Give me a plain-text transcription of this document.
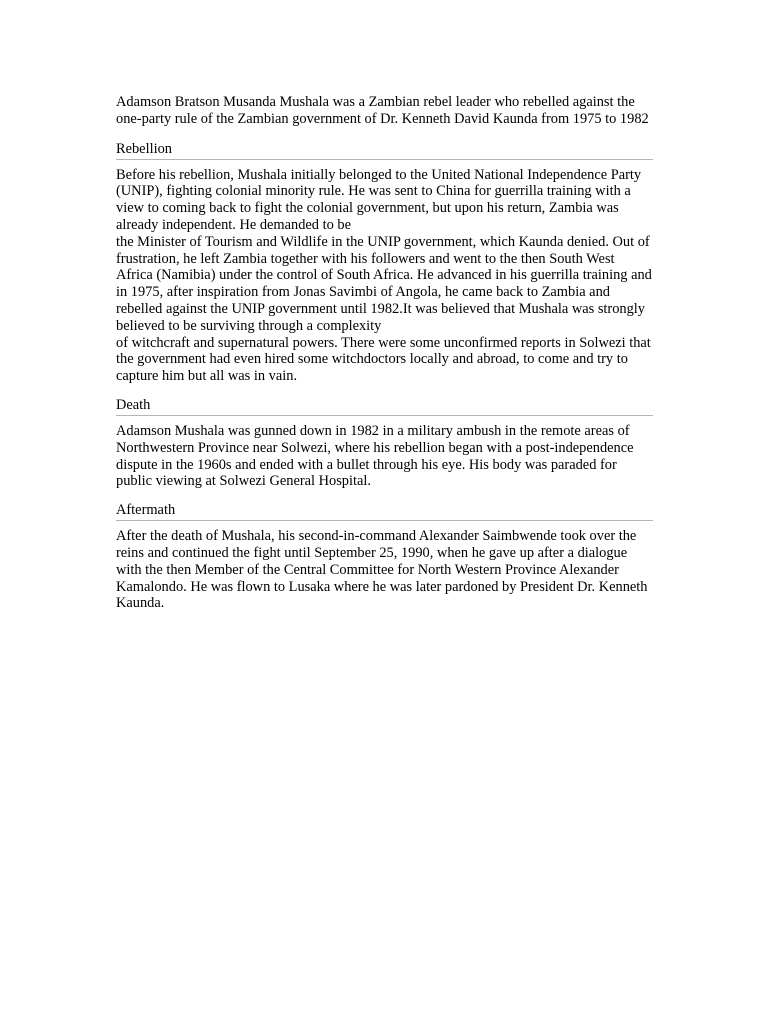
Adamson Bratson Musanda Mushala was a Zambian rebel leader who rebelled against the one-party rule of the Zambian government of Dr. Kenneth David Kaunda from 1975 to 1982

Rebellion
Before his rebellion, Mushala initially belonged to the United National Independence Party (UNIP), fighting colonial minority rule. He was sent to China for guerrilla training with a view to coming back to fight the colonial government, but upon his return, Zambia was already independent. He demanded to be
the Minister of Tourism and Wildlife in the UNIP government, which Kaunda denied. Out of frustration, he left Zambia together with his followers and went to the then South West Africa (Namibia) under the control of South Africa. He advanced in his guerrilla training and in 1975, after inspiration from Jonas Savimbi of Angola, he came back to Zambia and rebelled against the UNIP government until 1982.It was believed that Mushala was strongly believed to be surviving through a complexity
of witchcraft and supernatural powers. There were some unconfirmed reports in Solwezi that the government had even hired some witchdoctors locally and abroad, to come and try to capture him but all was in vain.
Death
Adamson Mushala was gunned down in 1982 in a military ambush in the remote areas of Northwestern Province near Solwezi, where his rebellion began with a post-independence dispute in the 1960s and ended with a bullet through his eye. His body was paraded for public viewing at Solwezi General Hospital.
Aftermath
After the death of Mushala, his second-in-command Alexander Saimbwende took over the reins and continued the fight until September 25, 1990, when he gave up after a dialogue with the then Member of the Central Committee for North Western Province Alexander Kamalondo. He was flown to Lusaka where he was later pardoned by President Dr. Kenneth Kaunda.
